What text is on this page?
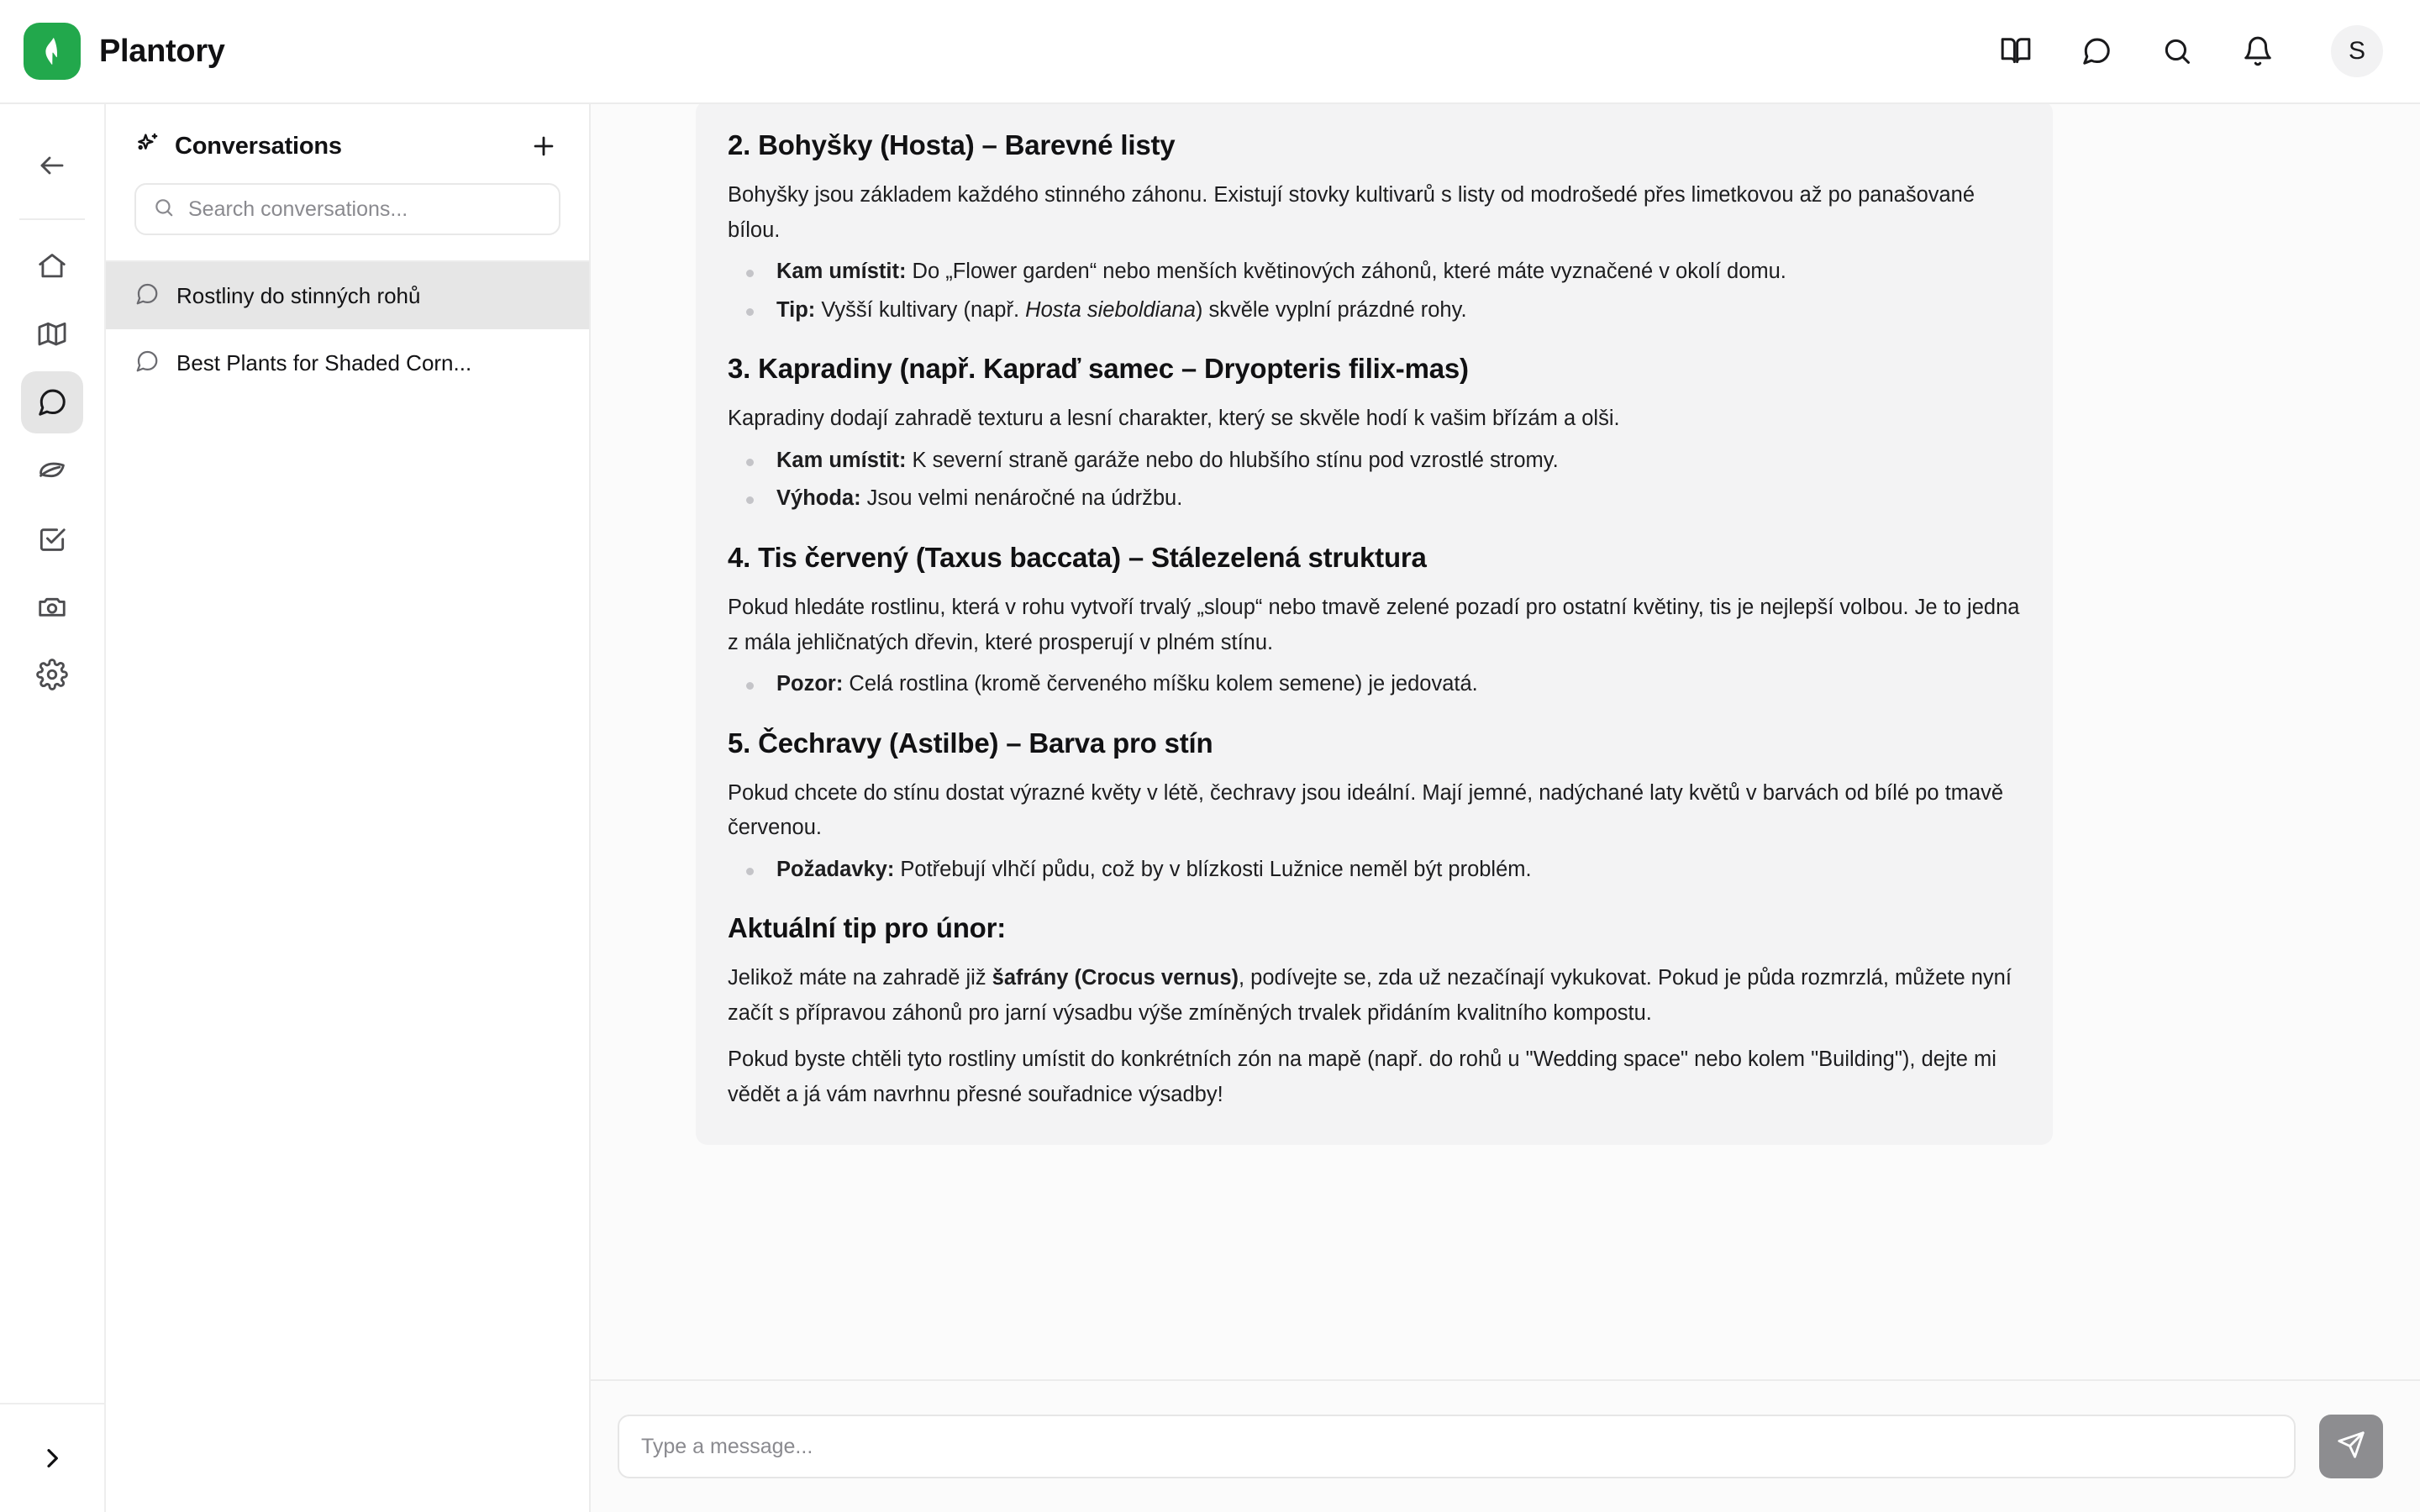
Plantory	S
Conversations
Search conversations...
Rostliny do stinných rohů
Best Plants for Shaded Corn...
2. Bohyšky (Hosta) – Barevné listy

Bohyšky jsou základem každého stinného záhonu. Existují stovky kultivarů s listy od modrošedé přes limetkovou až po panašované bílou.

Kam umístit: Do „Flower garden“ nebo menších květinových záhonů, které máte vyznačené v okolí domu.
Tip: Vyšší kultivary (např. Hosta sieboldiana) skvěle vyplní prázdné rohy.
3. Kapradiny (např. Kapraď samec – Dryopteris filix-mas)

Kapradiny dodají zahradě texturu a lesní charakter, který se skvěle hodí k vašim břízám a olši.

Kam umístit: K severní straně garáže nebo do hlubšího stínu pod vzrostlé stromy.
Výhoda: Jsou velmi nenáročné na údržbu.
4. Tis červený (Taxus baccata) – Stálezelená struktura

Pokud hledáte rostlinu, která v rohu vytvoří trvalý „sloup“ nebo tmavě zelené pozadí pro ostatní květiny, tis je nejlepší volbou. Je to jedna z mála jehličnatých dřevin, které prosperují v plném stínu.

Pozor: Celá rostlina (kromě červeného míšku kolem semene) je jedovatá.
5. Čechravy (Astilbe) – Barva pro stín

Pokud chcete do stínu dostat výrazné květy v létě, čechravy jsou ideální. Mají jemné, nadýchané laty květů v barvách od bílé po tmavě červenou.

Požadavky: Potřebují vlhčí půdu, což by v blízkosti Lužnice neměl být problém.
Aktuální tip pro únor:

Jelikož máte na zahradě již šafrány (Crocus vernus), podívejte se, zda už nezačínají vykukovat. Pokud je půda rozmrzlá, můžete nyní začít s přípravou záhonů pro jarní výsadbu výše zmíněných trvalek přidáním kvalitního kompostu.

Pokud byste chtěli tyto rostliny umístit do konkrétních zón na mapě (např. do rohů u "Wedding space" nebo kolem "Building"), dejte mi vědět a já vám navrhnu přesné souřadnice výsadby!

Type a message...
